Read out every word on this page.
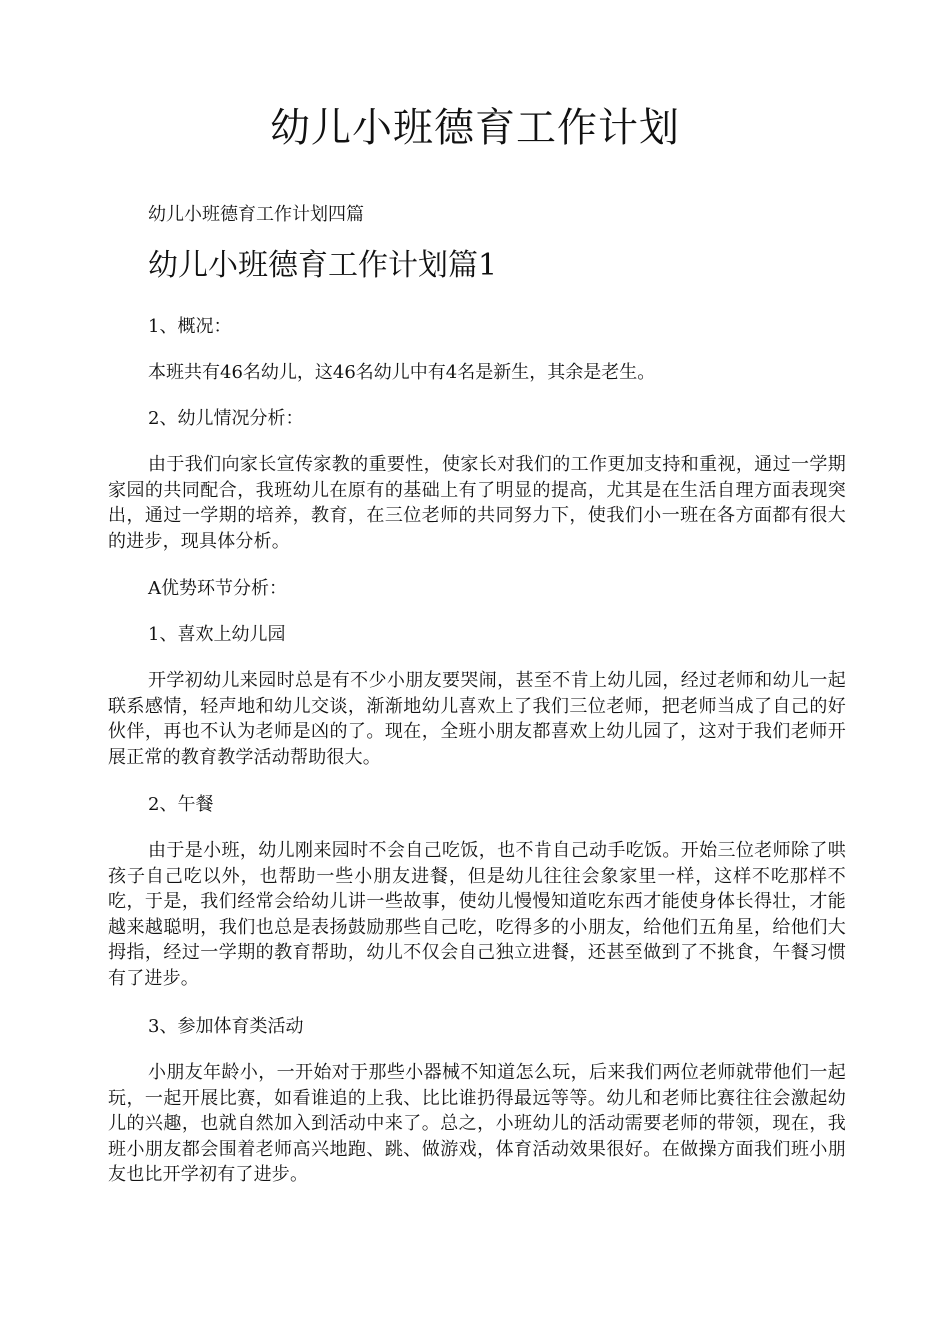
幼儿小班德育工作计划
幼儿小班德育工作计划四篇
幼儿小班德育工作计划篇1
1、概况：
本班共有46名幼儿，这46名幼儿中有4名是新生，其余是老生。
2、幼儿情况分析：
由于我们向家长宣传家教的重要性，使家长对我们的工作更加支持和重视，通过一学期家园的共同配合，我班幼儿在原有的基础上有了明显的提高，尤其是在生活自理方面表现突出，通过一学期的培养，教育，在三位老师的共同努力下，使我们小一班在各方面都有很大的进步，现具体分析。
A优势环节分析：
1、喜欢上幼儿园
开学初幼儿来园时总是有不少小朋友要哭闹，甚至不肯上幼儿园，经过老师和幼儿一起联系感情，轻声地和幼儿交谈，渐渐地幼儿喜欢上了我们三位老师，把老师当成了自己的好伙伴，再也不认为老师是凶的了。现在，全班小朋友都喜欢上幼儿园了，这对于我们老师开展正常的教育教学活动帮助很大。
2、午餐
由于是小班，幼儿刚来园时不会自己吃饭，也不肯自己动手吃饭。开始三位老师除了哄孩子自己吃以外，也帮助一些小朋友进餐，但是幼儿往往会象家里一样，这样不吃那样不吃，于是，我们经常会给幼儿讲一些故事，使幼儿慢慢知道吃东西才能使身体长得壮，才能越来越聪明，我们也总是表扬鼓励那些自己吃，吃得多的小朋友，给他们五角星，给他们大拇指，经过一学期的教育帮助，幼儿不仅会自己独立进餐，还甚至做到了不挑食，午餐习惯有了进步。
3、参加体育类活动
小朋友年龄小，一开始对于那些小器械不知道怎么玩，后来我们两位老师就带他们一起玩，一起开展比赛，如看谁追的上我、比比谁扔得最远等等。幼儿和老师比赛往往会激起幼儿的兴趣，也就自然加入到活动中来了。总之，小班幼儿的活动需要老师的带领，现在，我班小朋友都会围着老师高兴地跑、跳、做游戏，体育活动效果很好。在做操方面我们班小朋友也比开学初有了进步。
